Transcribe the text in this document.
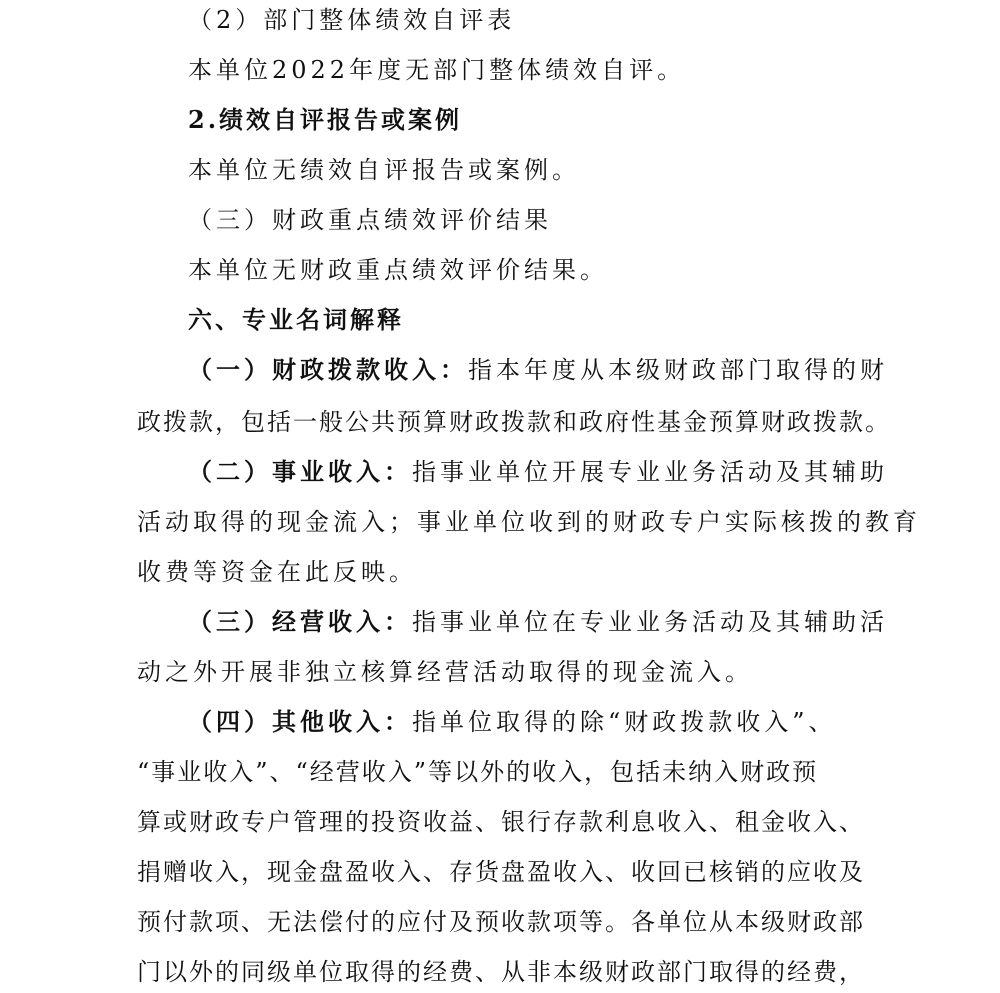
（2）部门整体绩效自评表
本单位2022年度无部门整体绩效自评。
2.绩效自评报告或案例
本单位无绩效自评报告或案例。
（三）财政重点绩效评价结果
本单位无财政重点绩效评价结果。
六、专业名词解释
（一）财政拨款收入：指本年度从本级财政部门取得的财
政拨款，包括一般公共预算财政拨款和政府性基金预算财政拨款。
（二）事业收入：指事业单位开展专业业务活动及其辅助
活动取得的现金流入；事业单位收到的财政专户实际核拨的教育
收费等资金在此反映。
（三）经营收入：指事业单位在专业业务活动及其辅助活
动之外开展非独立核算经营活动取得的现金流入。
（四）其他收入：指单位取得的除“财政拨款收入”、
“事业收入”、“经营收入”等以外的收入，包括未纳入财政预
算或财政专户管理的投资收益、银行存款利息收入、租金收入、
捐赠收入，现金盘盈收入、存货盘盈收入、收回已核销的应收及
预付款项、无法偿付的应付及预收款项等。各单位从本级财政部
门以外的同级单位取得的经费、从非本级财政部门取得的经费，
